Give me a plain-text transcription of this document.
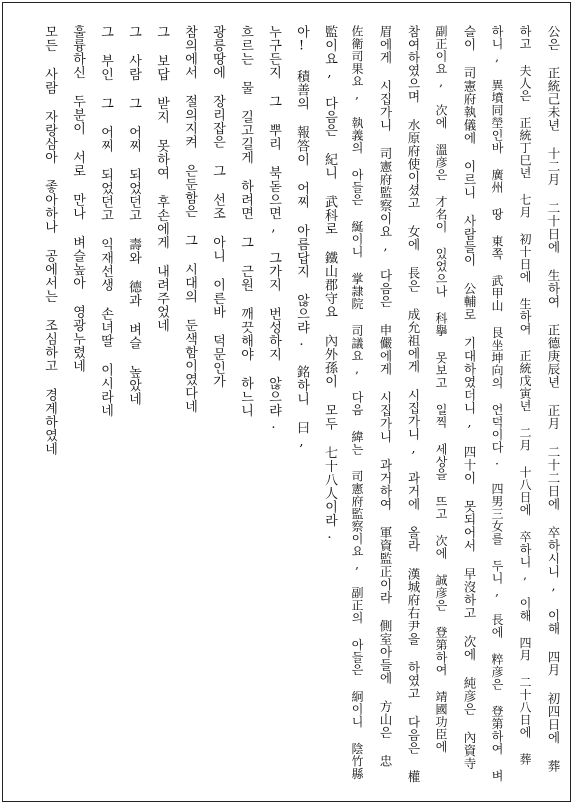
公은 正統己未년 十二月 二十日에 生하여 正德庚辰년 正月 二十二日에 卒하시니, 이해 四月 初四日에 葬
하고 夫人은 正統丁巳년 七月 初十日에 生하여 正統戊寅년 二月 十八日에 卒하니, 이해 四月 二十八日에 葬
하니, 異墳同塋인바 廣州 땅 東쪽 武甲山 艮坐坤向의 언덕이다. 四男三女를 두니, 長에 粹彦은 登第하여 벼
슬이 司憲府執儀에 이르니 사람들이 公輔로 기대하였더니, 四十이 못되어서 早沒하고 次에 純彦은 內資寺
副正이요, 次에 溫彦은 才名이 있었으나 科擧 못보고 일찍 세상을 뜨고 次에 誠彦은 登第하여 靖國功臣에
참여하였으며 水原府使이셨고 女에 長은 成允祖에게 시집가니, 과거에 올라 漢城府右尹을 하였고 다음은 權
眉에게 시집가니 司憲府監察이요, 다음은 申儼에게 시집가니 과거하여 軍資監正이라 側室아들에 方山은 忠
佐衛司果요, 執義의 아들은 綖이니 掌隷院 司議요, 다음 緯는 司憲府監察이요, 副正의 아들은 絅이니 陰竹縣
監이요, 다음은 紀니 武科로 鐵山郡守요 內外孫이 모두 七十八人이라.
아! 積善의 報答이 어찌 아름답지 않으랴. 銘하니 曰,
누구든지 그 뿌리 북돋으면, 그가지 번성하지 않으랴.
흐르는 물 길고길게 하려면 그 근원 깨끗해야 하느니
광릉땅에 장리잡은 그 선조 아니 이른바 덕문인가
참의에서 절의지켜 은둔함은 그 시대의 둔색함이였다네
그 보답 받지 못하여 후손에게 내려주었네
그 사람 그 어찌 되었던고 壽와 德과 벼슬 높았네
그 부인 그 어찌 되었던고 익재선생 손녀딸 이시라네
훌륭하신 두분이 서로 만나 벼슬높아 영광누렸네
모든 사람 자랑삼아 좋아하나 공에서는 조심하고 경계하였네
